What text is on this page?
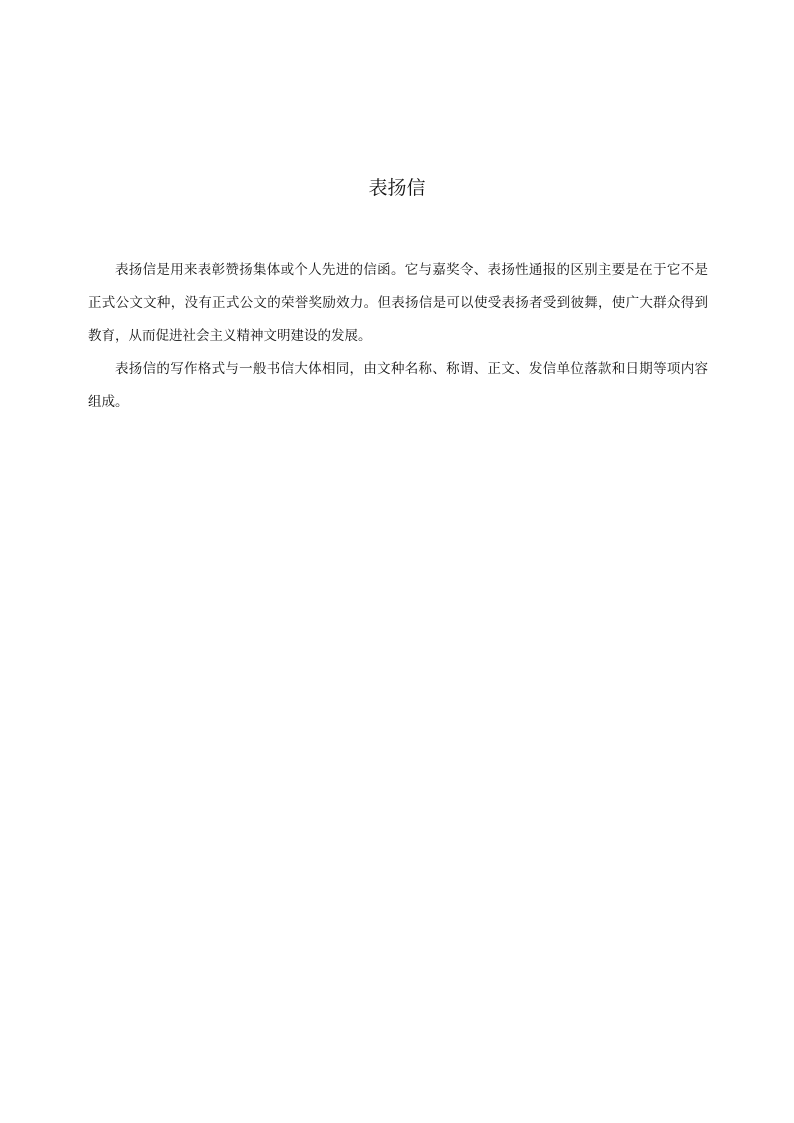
表扬信

表扬信是用来表彰赞扬集体或个人先进的信函。它与嘉奖令、表扬性通报的区别主要是在于它不是正式公文文种，没有正式公文的荣誉奖励效力。但表扬信是可以使受表扬者受到彼舞，使广大群众得到教育，从而促进社会主义精神文明建设的发展。

表扬信的写作格式与一般书信大体相同，由文种名称、称谓、正文、发信单位落款和日期等项内容组成。
